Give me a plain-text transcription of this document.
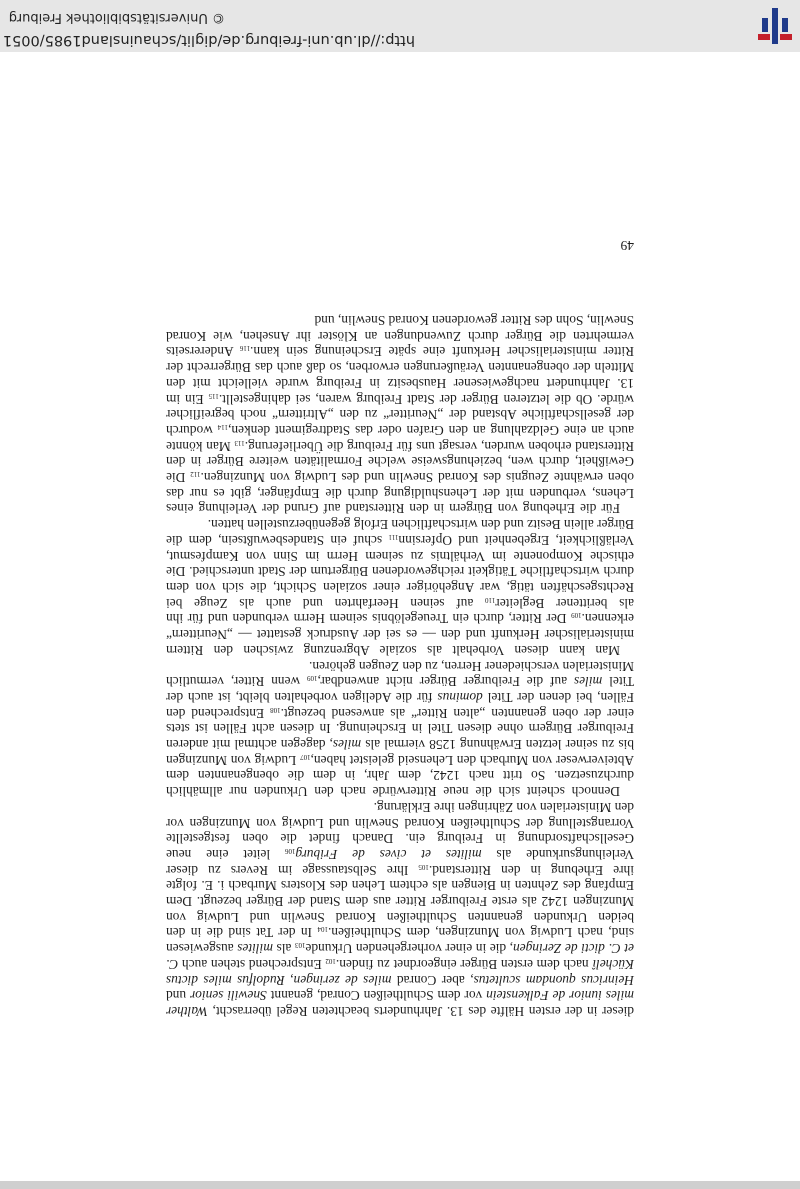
http://dl.ub.uni-freiburg.de/diglit/schauinsland1985/0051
© Universitätsbibliothek Freiburg

dieser in der ersten Hälfte des 13. Jahrhunderts beachteten Regel überrascht, Walther miles iunior de Falkenstein vor dem Schultheißen Conrad, genannt Snewili senior und Heinricus quondam scultetus, aber Conrad miles de zeringen, Rudolfus miles dictus Küchelî nach dem ersten Bürger eingeordnet zu $finden._{102}$ Entsprechend stehen auch C. et C. dicti de Zeringen, die in einer vorhergehenden Urkunde$_{103}$ als milites ausgewiesen sind, nach Ludwig von Munzingen, dem $Schultheißen._{104}$ In der Tat sind die in den beiden Urkunden genannten Schultheißen Konrad Snewlin und Ludwig von Munzingen 1242 als erste Freiburger Ritter aus dem Stand der Bürger bezeugt. Dem Empfang des Zehnten in Biengen als echtem Lehen des Klosters Murbach i. E. folgte ihre Erhebung in den $Ritterstand._{105}$ Ihre Selbstaussage im Revers zu dieser Verleihungsurkunde als milites et cives de Friburg$_{106}$ leitet eine neue Gesellschaftsordnung in Freiburg ein. Danach findet die oben festgestellte Vorrangstellung der Schultheißen Konrad Snewlin und Ludwig von Munzingen vor den Ministerialen von Zähringen ihre Erklärung.

Dennoch scheint sich die neue Ritterwürde nach den Urkunden nur allmählich durchzusetzen. So tritt nach 1242, dem Jahr, in dem die obengenannten dem Abteiverweser von Murbach den Lehenseid geleistet $haben,_{107}$ Ludwig von Munzingen bis zu seiner letzten Erwähnung 1258 viermal als miles, dagegen achtmal mit anderen Freiburger Bürgern ohne diesen Titel in Erscheinung. In diesen acht Fällen ist stets einer der oben genannten „alten Ritter“ als anwesend $bezeugt._{108}$ Entsprechend den Fällen, bei denen der Titel dominus für die Adeligen vorbehalten bleibt, ist auch der Titel miles auf die Freiburger Bürger nicht $anwendbar,_{109}$ wenn Ritter, vermutlich Ministerialen verschiedener Herren, zu den Zeugen gehören.

Man kann diesen Vorbehalt als soziale Abgrenzung zwischen den Rittern ministerialischer Herkunft und den — es sei der Ausdruck gestattet — „Neurittern“ $erkennen._{109}$ Der Ritter, durch ein Treuegelöbnis seinem Herrn verbunden und für ihn als berittener Begleiter$_{110}$ auf seinen Heerfahrten und auch als Zeuge bei Rechtsgeschäften tätig, war Angehöriger einer sozialen Schicht, die sich von dem durch wirtschaftliche Tätigkeit reichgewordenen Bürgertum der Stadt unterschied. Die ethische Komponente im Verhältnis zu seinem Herrn im Sinn von Kampfesmut, Verläßlichkeit, Ergebenheit und Opfersinn$_{111}$ schuf ein Standesbewußtsein, dem die Bürger allein Besitz und den wirtschaftlichen Erfolg gegenüberzustellen hatten.

Für die Erhebung von Bürgern in den Ritterstand auf Grund der Verleihung eines Lehens, verbunden mit der Lehenshuldigung durch die Empfänger, gibt es nur das oben erwähnte Zeugnis des Konrad Snewlin und des Ludwig von $Munzingen._{112}$ Die Gewißheit, durch wen, beziehungsweise welche Formalitäten weitere Bürger in den Ritterstand erhoben wurden, versagt uns für Freiburg die $Überlieferung._{113}$ Man könnte auch an eine Geldzahlung an den Grafen oder das Stadtregiment $denken,_{114}$ wodurch der gesellschaftliche Abstand der „Neuritter“ zu den „Altrittern“ noch begreiflicher würde. Ob die letzteren Bürger der Stadt Freiburg waren, sei $dahingestellt._{115}$ Ein im 13. Jahrhundert nachgewiesener Hausbesitz in Freiburg wurde vielleicht mit den Mitteln der obengenannten Veräußerungen erworben, so daß auch das Bürgerrecht der Ritter ministerialischer Herkunft eine späte Erscheinung sein $kann._{116}$ Andererseits vermehrten die Bürger durch Zuwendungen an Klöster ihr Ansehen, wie Konrad Snewlin, Sohn des Ritter gewordenen Konrad Snewlin, und

49
